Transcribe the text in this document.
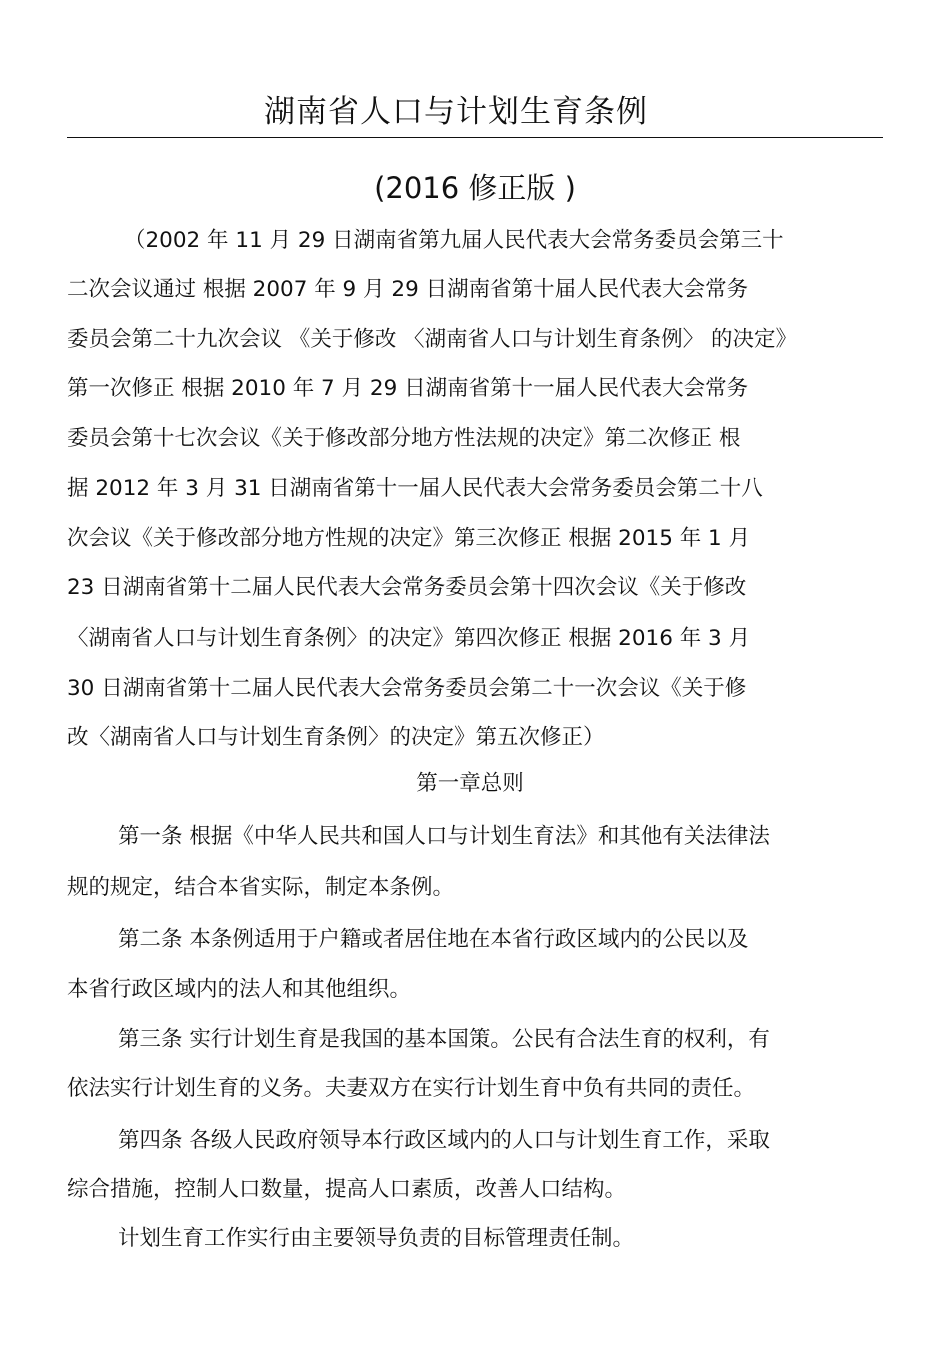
湖南省人口与计划生育条例
(2016 修正版 )
（2002 年 11 月 29 日湖南省第九届人民代表大会常务委员会第三十
二次会议通过 根据 2007 年 9 月 29 日湖南省第十届人民代表大会常务
委员会第二十九次会议 《关于修改 〈湖南省人口与计划生育条例〉 的决定》
第一次修正 根据 2010 年 7 月 29 日湖南省第十一届人民代表大会常务
委员会第十七次会议《关于修改部分地方性法规的决定》第二次修正 根
据 2012 年 3 月 31 日湖南省第十一届人民代表大会常务委员会第二十八
次会议《关于修改部分地方性规的决定》第三次修正 根据 2015 年 1 月
23 日湖南省第十二届人民代表大会常务委员会第十四次会议《关于修改
〈湖南省人口与计划生育条例〉的决定》第四次修正 根据 2016 年 3 月
30 日湖南省第十二届人民代表大会常务委员会第二十一次会议《关于修
改〈湖南省人口与计划生育条例〉的决定》第五次修正）
第一章总则
第一条 根据《中华人民共和国人口与计划生育法》和其他有关法律法
规的规定，结合本省实际，制定本条例。
第二条 本条例适用于户籍或者居住地在本省行政区域内的公民以及
本省行政区域内的法人和其他组织。
第三条 实行计划生育是我国的基本国策。公民有合法生育的权利，有
依法实行计划生育的义务。夫妻双方在实行计划生育中负有共同的责任。
第四条 各级人民政府领导本行政区域内的人口与计划生育工作，采取
综合措施，控制人口数量，提高人口素质，改善人口结构。
计划生育工作实行由主要领导负责的目标管理责任制。
